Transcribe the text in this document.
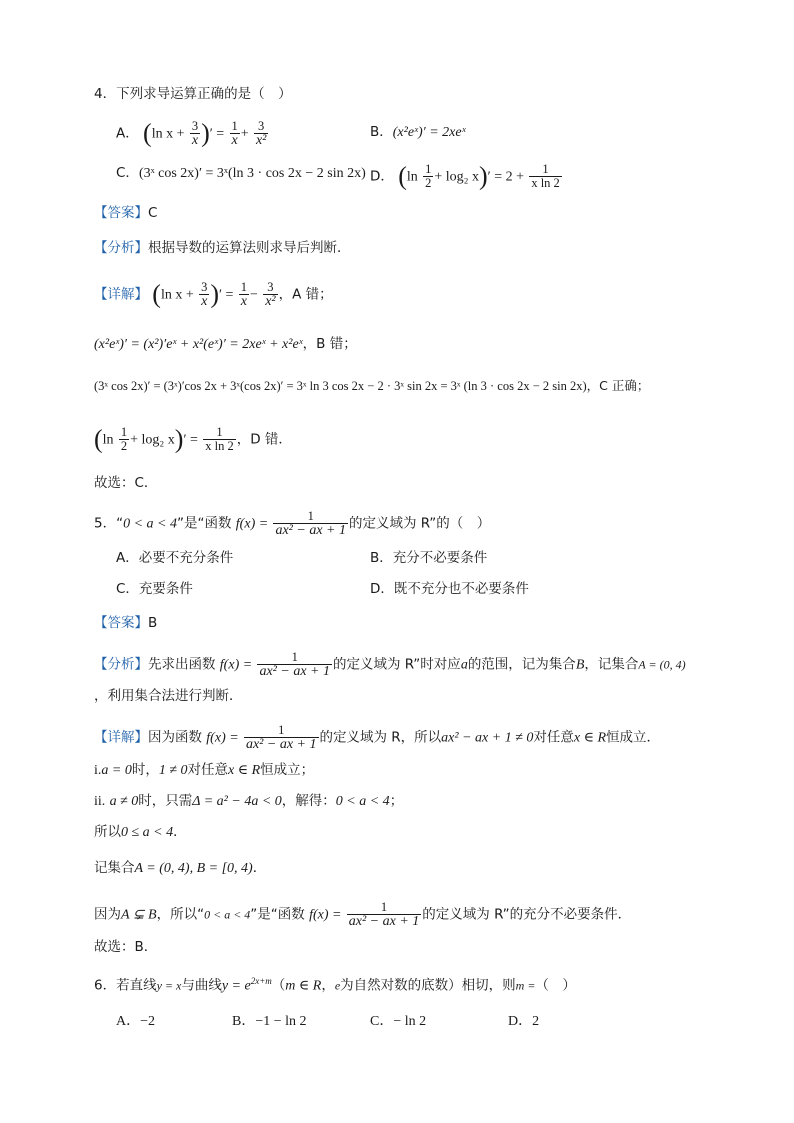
4．下列求导运算正确的是（　）
A． (ln $x + \frac{3}{x}$ )′ = $\frac{1}{x} + \frac{3}{\text{x²}}$	B．(x²eˣ)′ = 2xeˣ
C．(3ˣ cos 2x)′ = 3ˣ(ln 3 · cos 2x − 2 sin 2x) D． ($\ln \frac{1}{2} + \log_2$ $x)' = 2 + \frac{1}{\text{x ln 2}}$
【答案】C
【分析】根据导数的运算法则求导后判断．
【详解】 (ln $x + \frac{3}{x}$ )′ = $\frac{1}{x} - \frac{3}{\text{x²}}$ ，A 错；
(x²eˣ)′ = (x²)′eˣ + x²(eˣ)′ = 2xeˣ + x²eˣ，B 错；
(3ˣ cos 2x)′ = (3ˣ)′cos 2x + 3ˣ(cos 2x)′ = 3ˣ ln 3 cos 2x − 2 · 3ˣ sin 2x = 3ˣ (ln 3 · cos 2x − 2 sin 2x)，C 正确；
($\ln \frac{1}{2} + \log_2$ $x)' = \frac{1}{\text{x ln 2}}$ ，D 错．
故选：C．
5．“0 < a < 4”是“函数 $f(x) = \frac{1}{\text{ax² − ax + 1}}$ 的定义域为 R”的（　）
A．必要不充分条件	B．充分不必要条件
C．充要条件	D．既不充分也不必要条件
【答案】B
【分析】先求出函数 $f(x) = \frac{1}{\text{ax² − ax + 1}}$ 的定义域为 R”时对应a的范围，记为集合B，记集合A = (0, 4)
，利用集合法进行判断．
【详解】因为函数 $f(x) = \frac{1}{\text{ax² − ax + 1}}$ 的定义域为 R，所以ax² − ax + 1 ≠ 0对任意x ∈ R恒成立．
i.a = 0时，1 ≠ 0对任意x ∈ R恒成立；
ii. a ≠ 0时，只需Δ = a² − 4a < 0，解得：0 < a < 4；
所以0 ≤ a < 4．
记集合A = (0, 4), B = [0, 4)．
因为A ⊊ B，所以“0 < a < 4”是“函数 $f(x) = \frac{1}{\text{ax² − ax + 1}}$ 的定义域为 R”的充分不必要条件．
故选：B．
6．若直线y = x与曲线$y = e^{2x+m}(m$ ∈ R，e为自然对数的底数）相切，则m =（　）
A．−2	B．−1 − ln 2	C．− ln 2	D．2
